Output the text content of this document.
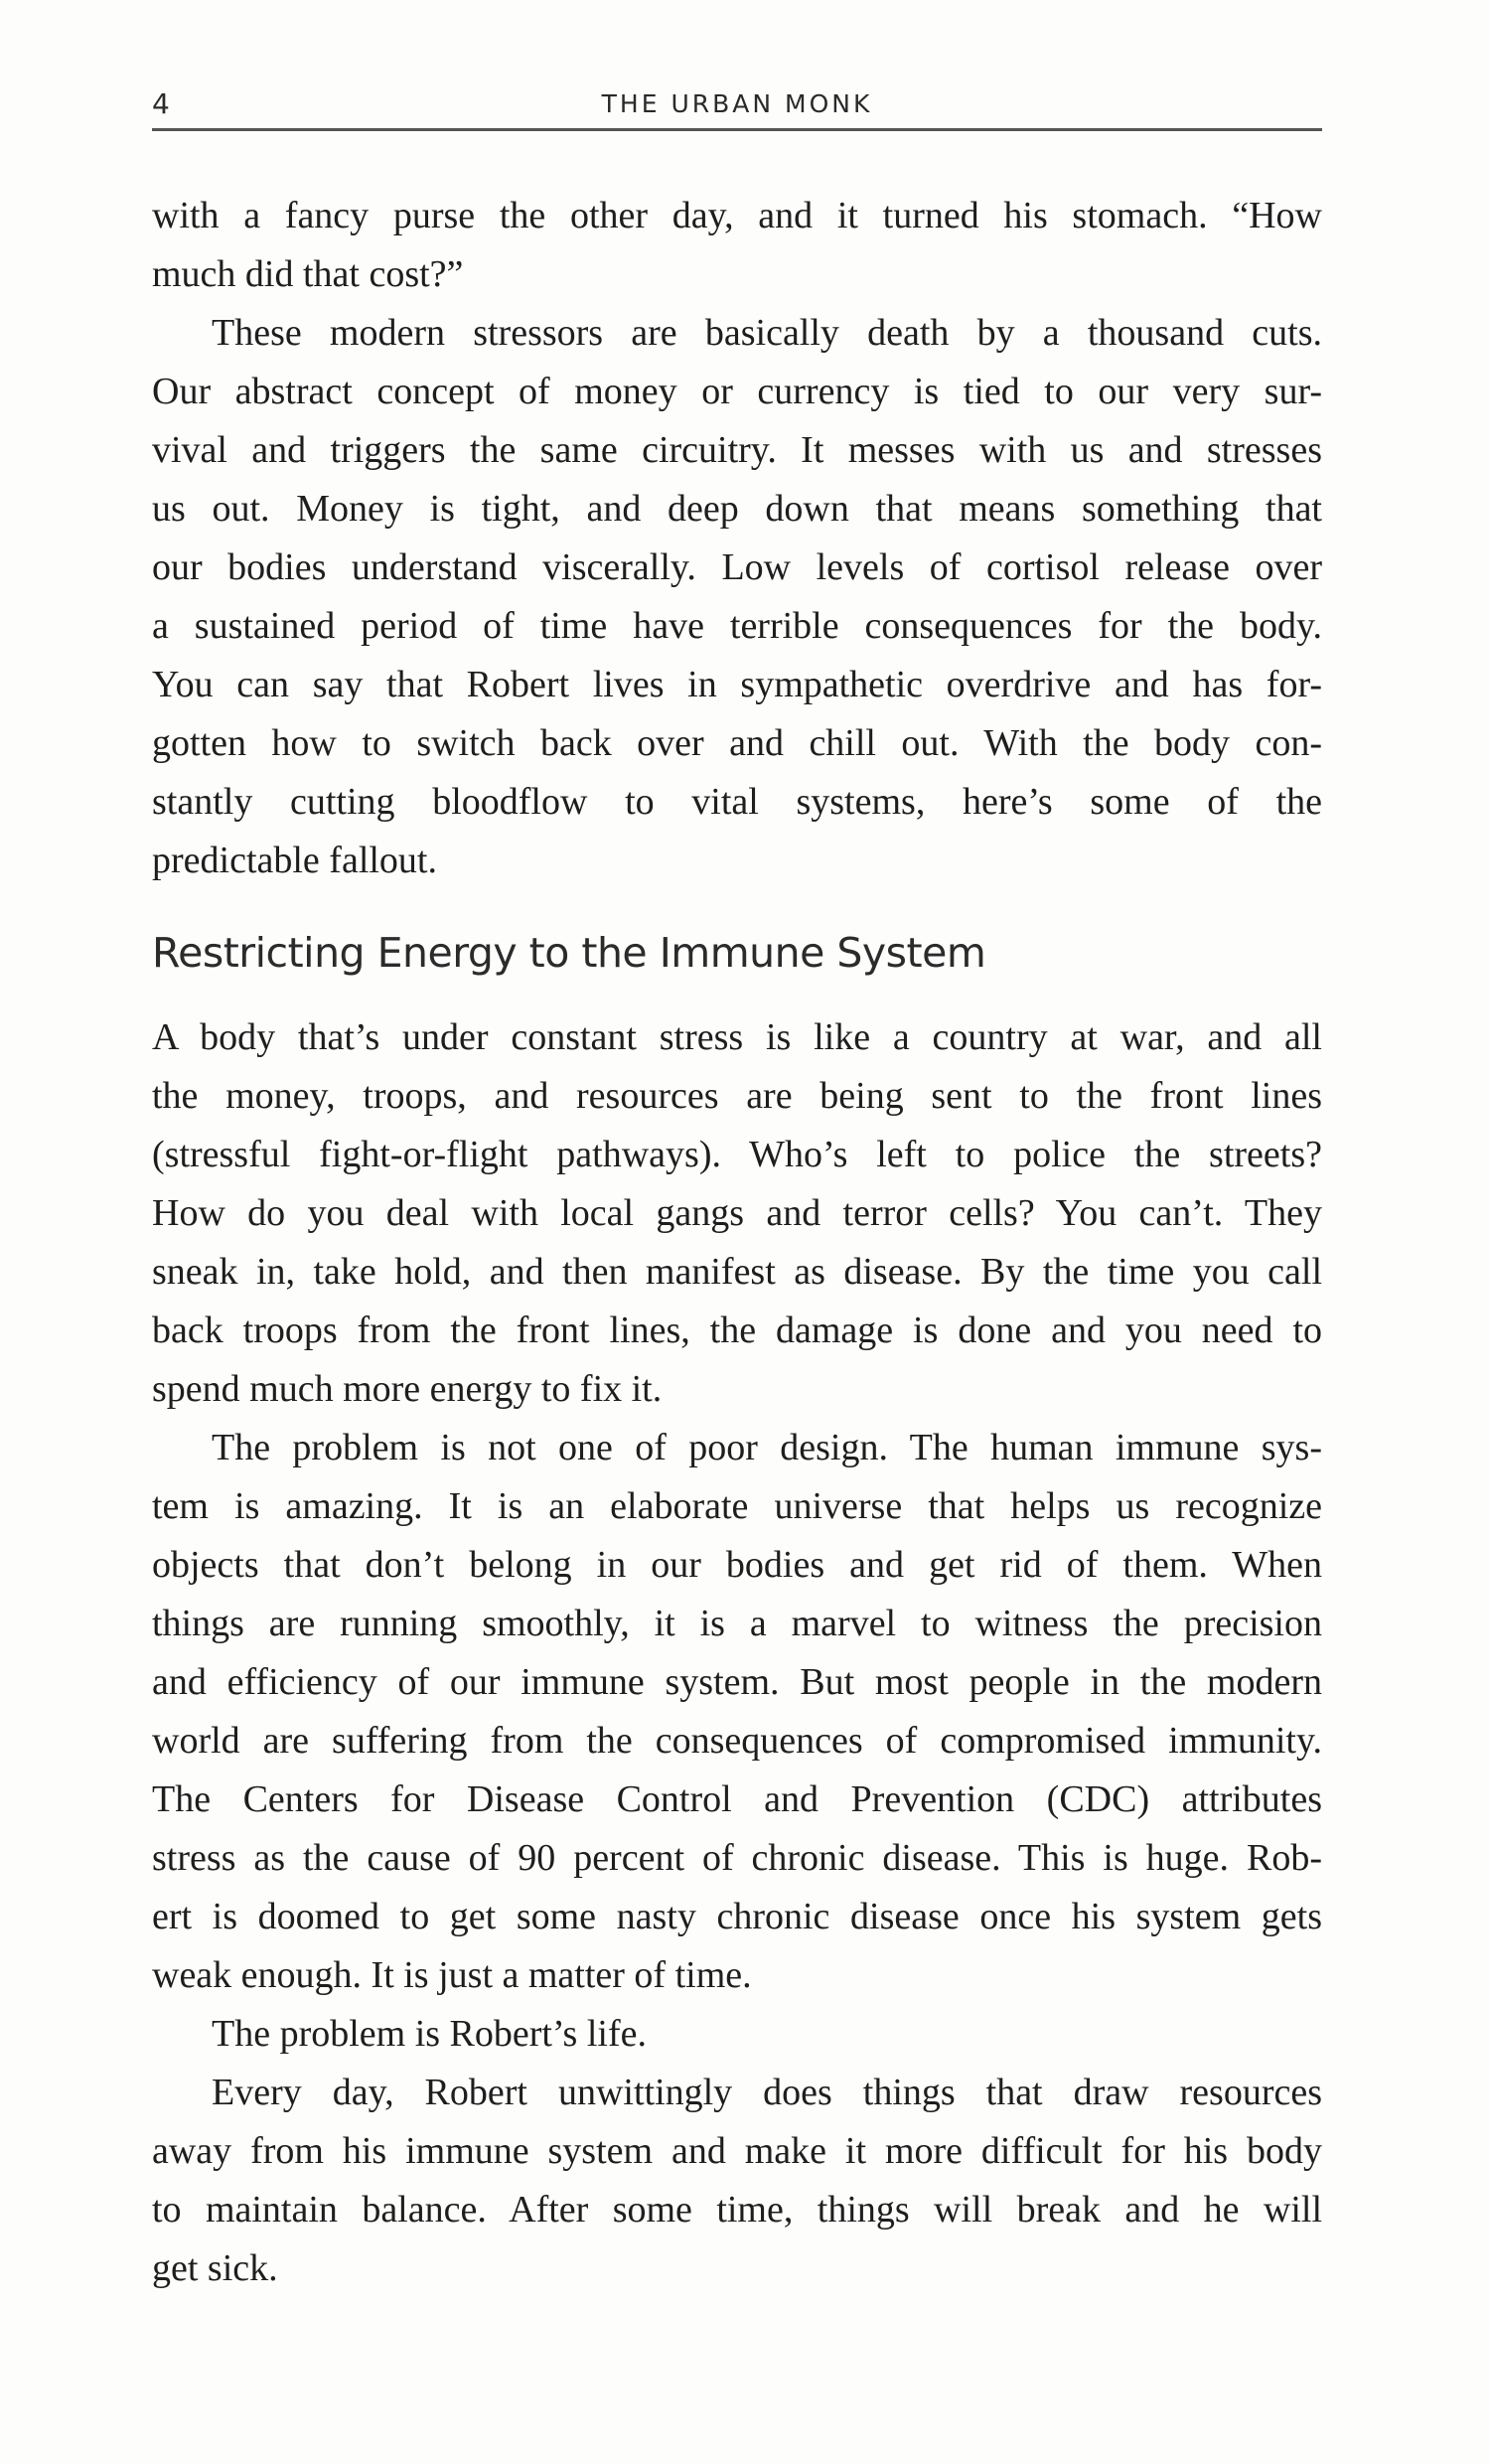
4	THE URBAN MONK
with a fancy purse the other day, and it turned his stomach. “How
much did that cost?”
These modern stressors are basically death by a thousand cuts.
Our abstract concept of money or currency is tied to our very sur-
vival and triggers the same circuitry. It messes with us and stresses
us out. Money is tight, and deep down that means something that
our bodies understand viscerally. Low levels of cortisol release over
a sustained period of time have terrible consequences for the body.
You can say that Robert lives in sympathetic overdrive and has for-
gotten how to switch back over and chill out. With the body con-
stantly cutting bloodflow to vital systems, here’s some of the
predictable fallout.
Restricting Energy to the Immune System
A body that’s under constant stress is like a country at war, and all
the money, troops, and resources are being sent to the front lines
(stressful fight-or-flight pathways). Who’s left to police the streets?
How do you deal with local gangs and terror cells? You can’t. They
sneak in, take hold, and then manifest as disease. By the time you call
back troops from the front lines, the damage is done and you need to
spend much more energy to fix it.
The problem is not one of poor design. The human immune sys-
tem is amazing. It is an elaborate universe that helps us recognize
objects that don’t belong in our bodies and get rid of them. When
things are running smoothly, it is a marvel to witness the precision
and efficiency of our immune system. But most people in the modern
world are suffering from the consequences of compromised immunity.
The Centers for Disease Control and Prevention (CDC) attributes
stress as the cause of 90 percent of chronic disease. This is huge. Rob-
ert is doomed to get some nasty chronic disease once his system gets
weak enough. It is just a matter of time.
The problem is Robert’s life.
Every day, Robert unwittingly does things that draw resources
away from his immune system and make it more difficult for his body
to maintain balance. After some time, things will break and he will
get sick.
